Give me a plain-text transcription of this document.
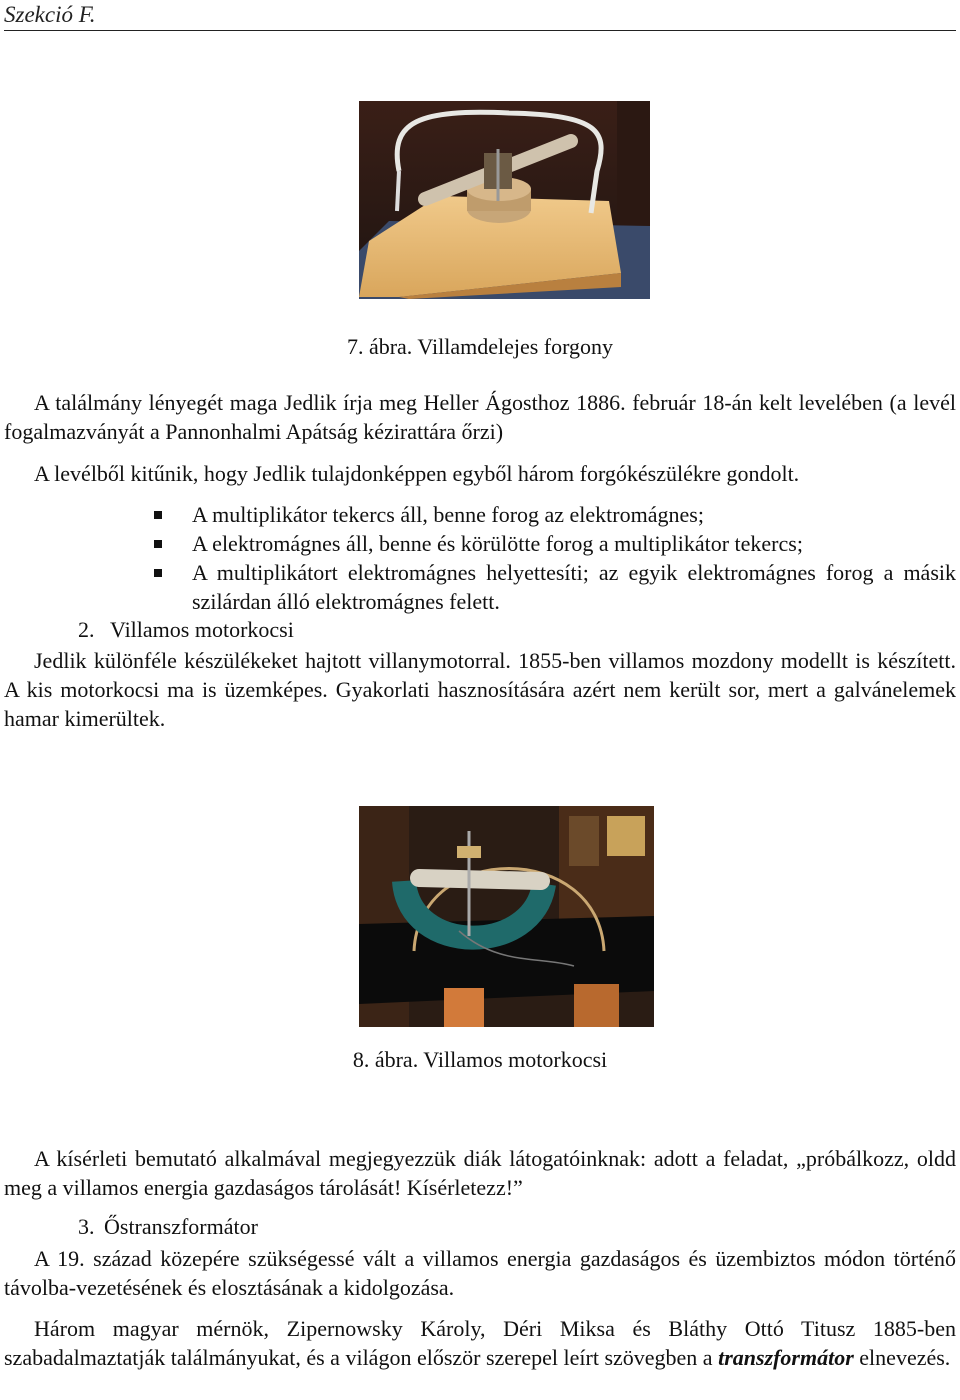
Szekció F.
7. ábra. Villamdelejes forgony

A találmány lényegét maga Jedlik írja meg Heller Ágosthoz 1886. február 18-án kelt levelében (a levél fogalmazványát a Pannonhalmi Apátság kézirattára őrzi)

A levélből kitűnik, hogy Jedlik tulajdonképpen egyből három forgókészülékre gondolt.

A multiplikátor tekercs áll, benne forog az elektromágnes;
A elektromágnes áll, benne és körülötte forog a multiplikátor tekercs;
A multiplikátort elektromágnes helyettesíti; az egyik elektromágnes forog a másik szilárdan álló elektromágnes felett.
2. Villamos motorkocsi

Jedlik különféle készülékeket hajtott villanymotorral. 1855-ben villamos mozdony modellt is készített. A kis motorkocsi ma is üzemképes. Gyakorlati hasznosítására azért nem került sor, mert a galvánelemek hamar kimerültek.

8. ábra. Villamos motorkocsi

A kísérleti bemutató alkalmával megjegyezzük diák látogatóinknak: adott a feladat, „próbálkozz, oldd meg a villamos energia gazdaságos tárolását! Kísérletezz!”

3. Őstranszformátor

A 19. század közepére szükségessé vált a villamos energia gazdaságos és üzembiztos módon történő távolba-vezetésének és elosztásának a kidolgozása.

Három magyar mérnök, Zipernowsky Károly, Déri Miksa és Bláthy Ottó Titusz 1885-ben szabadalmaztatják találmányukat, és a világon először szerepel leírt szövegben a transzformátor elnevezés.
